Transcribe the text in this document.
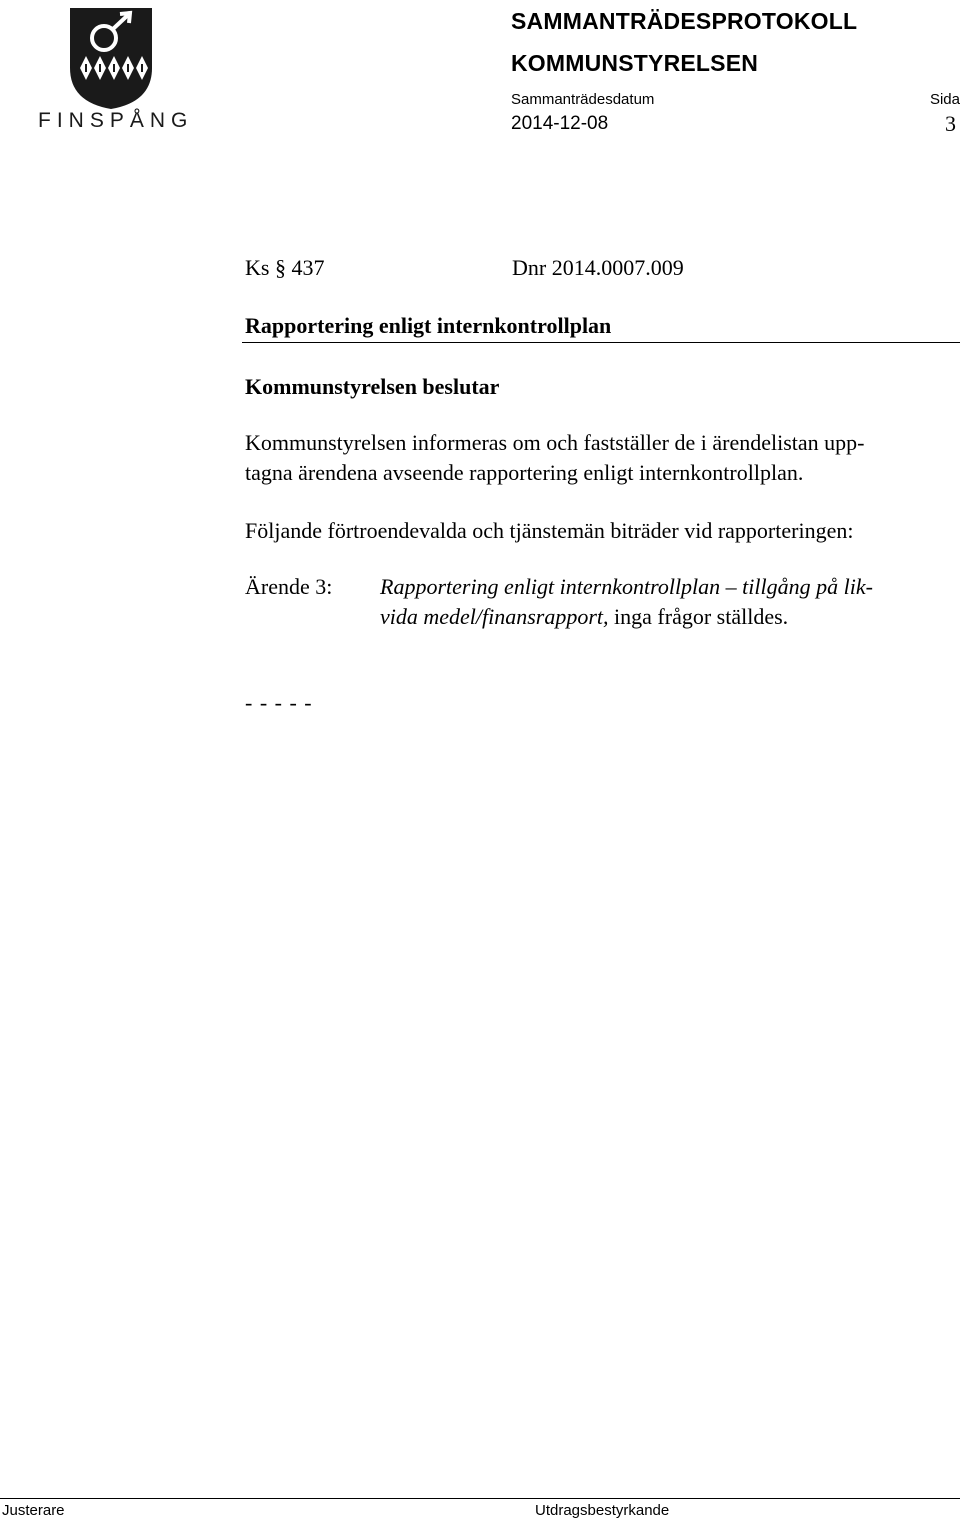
FINSPÅNG
SAMMANTRÄDESPROTOKOLL
KOMMUNSTYRELSEN
Sammanträdesdatum
2014-12-08
Sida
3
Ks § 437	Dnr 2014.0007.009
Rapportering enligt internkontrollplan
Kommunstyrelsen beslutar
Kommunstyrelsen informeras om och fastställer de i ärendelistan upp-
tagna ärendena avseende rapportering enligt internkontrollplan.
Följande förtroendevalda och tjänstemän biträder vid rapporteringen:
Ärende 3: Rapportering enligt internkontrollplan – tillgång på lik-
vida medel/finansrapport, inga frågor ställdes.
- - - - -
Justerare	Utdragsbestyrkande
